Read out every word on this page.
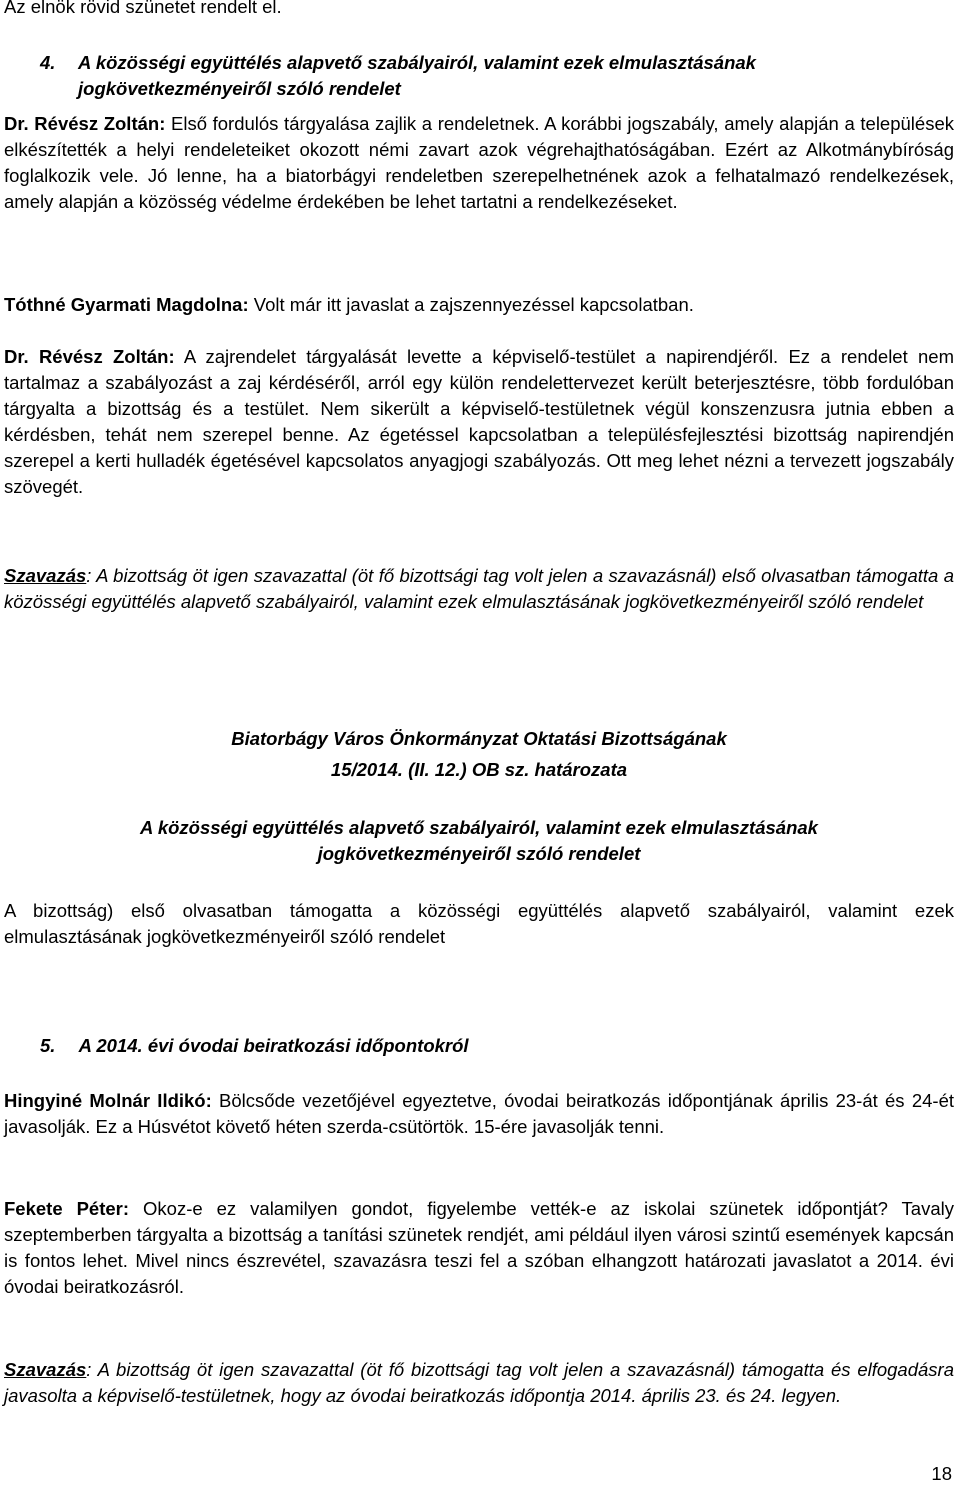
Az elnök rövid szünetet rendelt el.
4. A közösségi együttélés alapvető szabályairól, valamint ezek elmulasztásának
jogkövetkezményeiről szóló rendelet
Dr. Révész Zoltán: Első fordulós tárgyalása zajlik a rendeletnek. A korábbi jogszabály, amely alapján a települések elkészítették a helyi rendeleteiket okozott némi zavart azok végrehajthatóságában. Ezért az Alkotmánybíróság foglalkozik vele. Jó lenne, ha a biatorbágyi rendeletben szerepelhetnének azok a felhatalmazó rendelkezések, amely alapján a közösség védelme érdekében be lehet tartatni a rendelkezéseket.
Tóthné Gyarmati Magdolna: Volt már itt javaslat a zajszennyezéssel kapcsolatban.
Dr. Révész Zoltán: A zajrendelet tárgyalását levette a képviselő-testület a napirendjéről. Ez a rendelet nem tartalmaz a szabályozást a zaj kérdéséről, arról egy külön rendelettervezet került beterjesztésre, több fordulóban tárgyalta a bizottság és a testület. Nem sikerült a képviselő-testületnek végül konszenzusra jutnia ebben a kérdésben, tehát nem szerepel benne. Az égetéssel kapcsolatban a településfejlesztési bizottság napirendjén szerepel a kerti hulladék égetésével kapcsolatos anyagjogi szabályozás. Ott meg lehet nézni a tervezett jogszabály szövegét.
Szavazás: A bizottság öt igen szavazattal (öt fő bizottsági tag volt jelen a szavazásnál) első olvasatban támogatta a közösségi együttélés alapvető szabályairól, valamint ezek elmulasztásának jogkövetkezményeiről szóló rendelet
Biatorbágy Város Önkormányzat Oktatási Bizottságának
15/2014. (II. 12.) OB sz. határozata
A közösségi együttélés alapvető szabályairól, valamint ezek elmulasztásának
jogkövetkezményeiről szóló rendelet
A bizottság) első olvasatban támogatta a közösségi együttélés alapvető szabályairól, valamint ezek elmulasztásának jogkövetkezményeiről szóló rendelet
5. A 2014. évi óvodai beiratkozási időpontokról
Hingyiné Molnár Ildikó: Bölcsőde vezetőjével egyeztetve, óvodai beiratkozás időpontjának április 23-át és 24-ét javasolják. Ez a Húsvétot követő héten szerda-csütörtök. 15-ére javasolják tenni.
Fekete Péter: Okoz-e ez valamilyen gondot, figyelembe vették-e az iskolai szünetek időpontját? Tavaly szeptemberben tárgyalta a bizottság a tanítási szünetek rendjét, ami például ilyen városi szintű események kapcsán is fontos lehet. Mivel nincs észrevétel, szavazásra teszi fel a szóban elhangzott határozati javaslatot a 2014. évi óvodai beiratkozásról.
Szavazás: A bizottság öt igen szavazattal (öt fő bizottsági tag volt jelen a szavazásnál) támogatta és elfogadásra javasolta a képviselő-testületnek, hogy az óvodai beiratkozás időpontja 2014. április 23. és 24. legyen.
18
